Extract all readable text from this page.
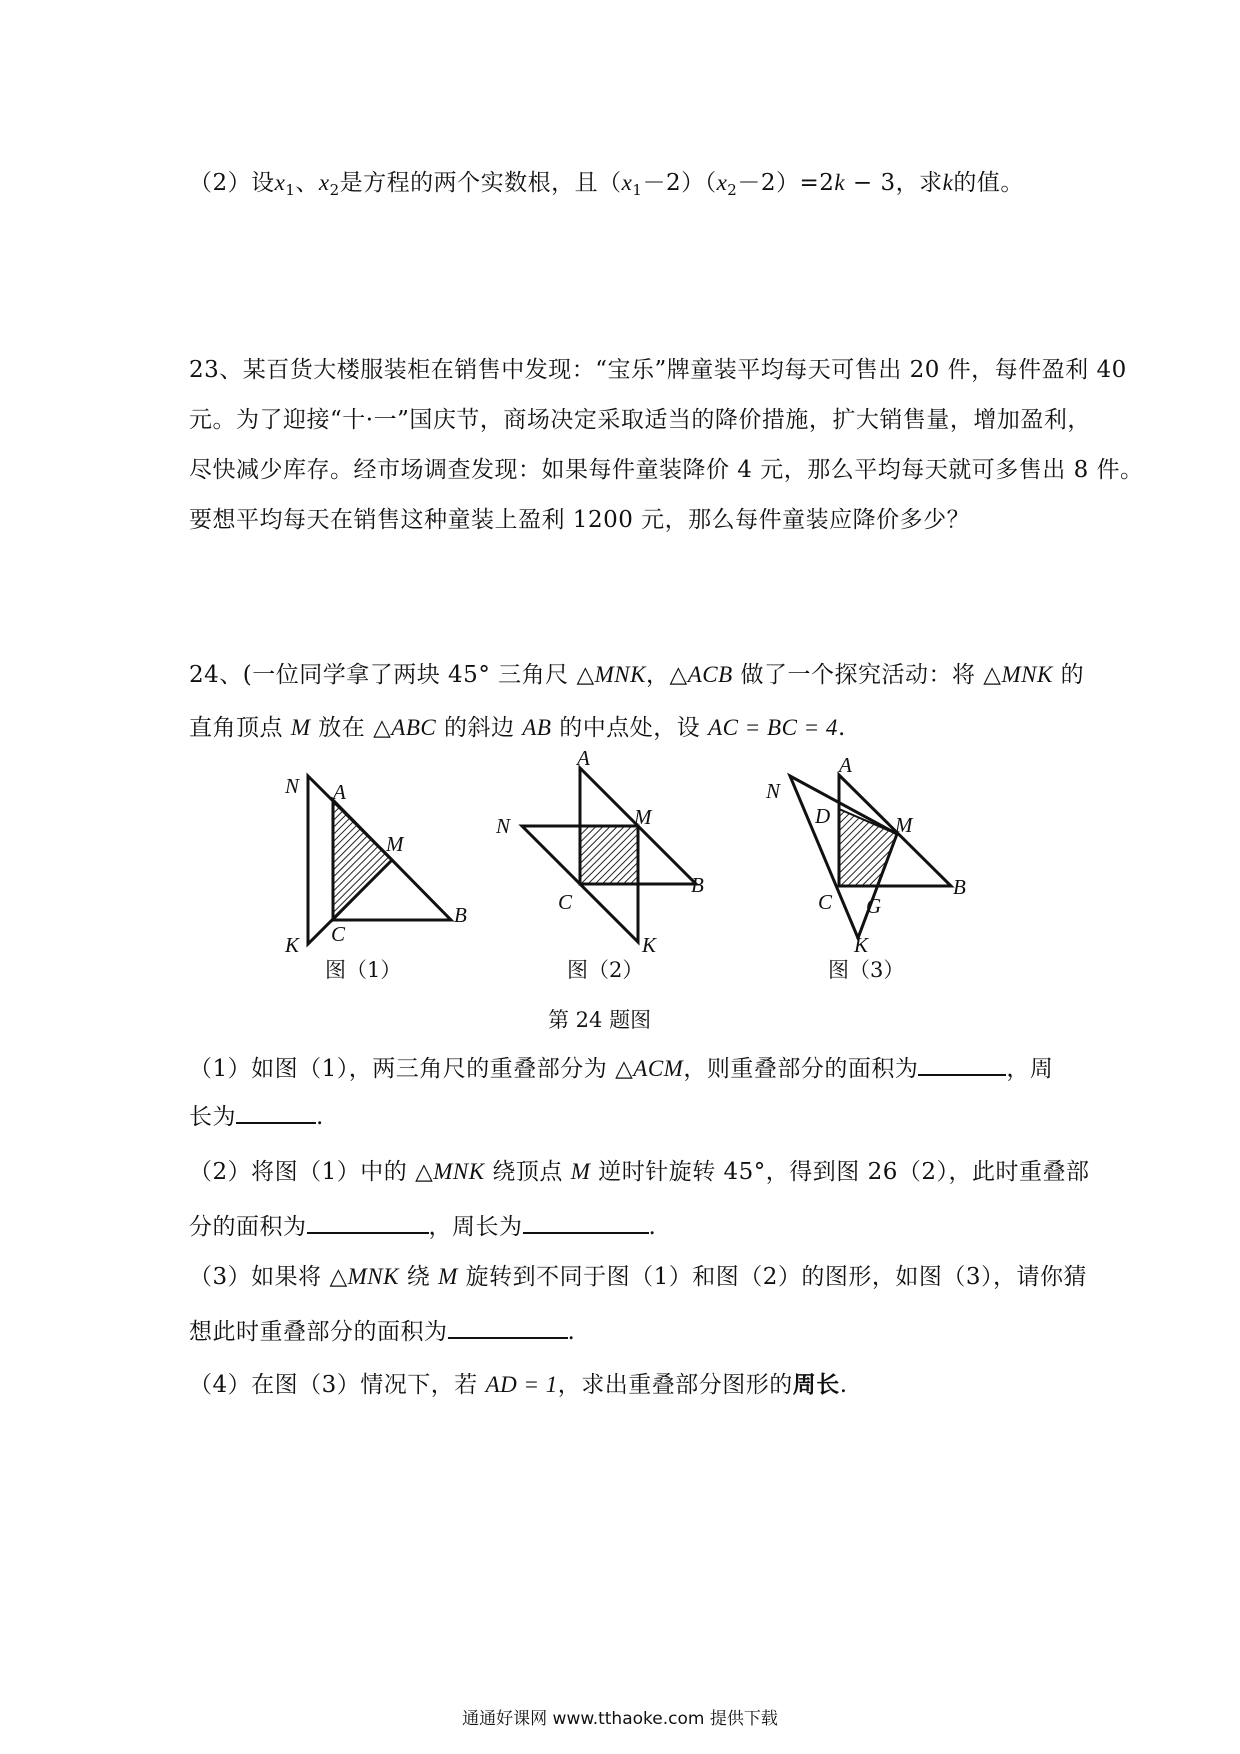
（2）设$x_1$、$x_2$是方程的两个实数根，且$(x_1-2)(x_2-2)=2k - 3$，求k的值。
23、某百货大楼服装柜在销售中发现：“宝乐”牌童装平均每天可售出 20 件，每件盈利 40
元。为了迎接“十·一”国庆节，商场决定采取适当的降价措施，扩大销售量，增加盈利，
尽快减少库存。经市场调查发现：如果每件童装降价 4 元，那么平均每天就可多售出 8 件。
要想平均每天在销售这种童装上盈利 1200 元，那么每件童装应降价多少？
24、(一位同学拿了两块 45° 三角尺 △MNK，△ACB 做了一个探究活动：将 △MNK 的
直角顶点 M 放在 △ABC 的斜边 AB 的中点处，设 AC = BC = 4.
N A
M
B
C
K
A
M
N
B
C
K
A
N
D	M
B
C G
K
图（1）	图（2）	图（3）
第 24 题图
（1）如图（1），两三角尺的重叠部分为 △ACM，则重叠部分的面积为	，周
长为	.
（2）将图（1）中的 △MNK 绕顶点 M 逆时针旋转 45°，得到图 26（2），此时重叠部
分的面积为	，周长为	.
（3）如果将 △MNK 绕 M 旋转到不同于图（1）和图（2）的图形，如图（3），请你猜
想此时重叠部分的面积为	.
（4）在图（3）情况下，若 AD = 1，求出重叠部分图形的周长.
通通好课网 www.tthaoke.com 提供下载
